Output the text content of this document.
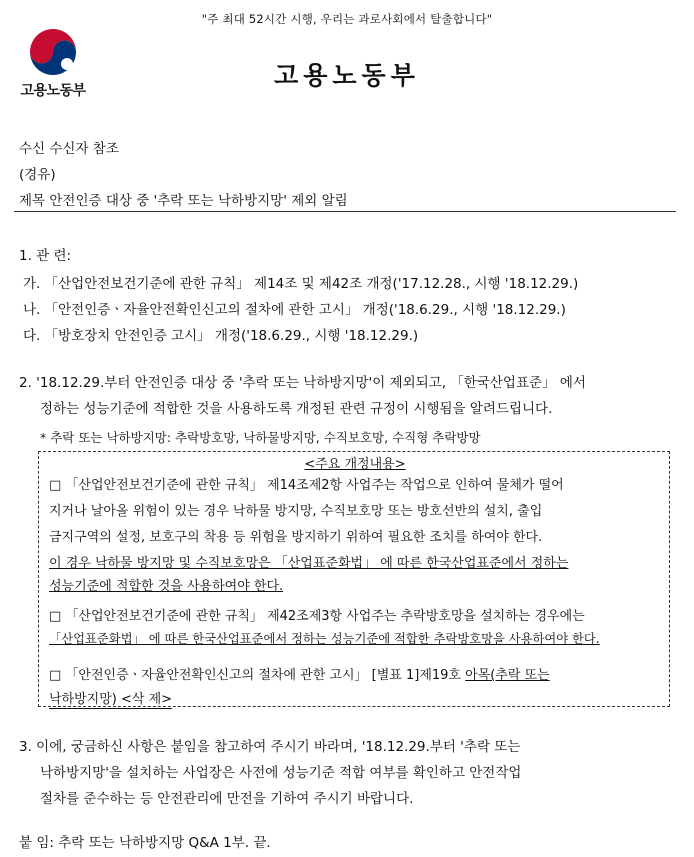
"주 최대 52시간 시행, 우리는 과로사회에서 탈출합니다"
고용노동부
고용노동부
수신 수신자 참조
(경유)
제목 안전인증 대상 중 '추락 또는 낙하방지망' 제외 알림
1. 관 련:
가. 「산업안전보건기준에 관한 규칙」 제14조 및 제42조 개정('17.12.28., 시행 '18.12.29.)
나. 「안전인증ㆍ자율안전확인신고의 절차에 관한 고시」 개정('18.6.29., 시행 '18.12.29.)
다. 「방호장치 안전인증 고시」 개정('18.6.29., 시행 '18.12.29.)
2. '18.12.29.부터 안전인증 대상 중 '추락 또는 낙하방지망'이 제외되고, 「한국산업표준」 에서
정하는 성능기준에 적합한 것을 사용하도록 개정된 관련 규정이 시행됨을 알려드립니다.
* 추락 또는 낙하방지망: 추락방호망, 낙하물방지망, 수직보호망, 수직형 추락방망
<주요 개정내용>
□ 「산업안전보건기준에 관한 규칙」 제14조제2항 사업주는 작업으로 인하여 물체가 떨어
지거나 날아올 위험이 있는 경우 낙하물 방지망, 수직보호망 또는 방호선반의 설치, 출입
금지구역의 설정, 보호구의 착용 등 위험을 방지하기 위하여 필요한 조치를 하여야 한다.
이 경우 낙하물 방지망 및 수직보호망은 「산업표준화법」 에 따른 한국산업표준에서 정하는
성능기준에 적합한 것을 사용하여야 한다.
□ 「산업안전보건기준에 관한 규칙」 제42조제3항 사업주는 추락방호망을 설치하는 경우에는
「산업표준화법」 에 따른 한국산업표준에서 정하는 성능기준에 적합한 추락방호망을 사용하여야 한다.
□ 「안전인증ㆍ자율안전확인신고의 절차에 관한 고시」 [별표 1]제19호 아목(추락 또는
낙하방지망) <삭 제>
3. 이에, 궁금하신 사항은 붙임을 참고하여 주시기 바라며, '18.12.29.부터 '추락 또는
낙하방지망'을 설치하는 사업장은 사전에 성능기준 적합 여부를 확인하고 안전작업
절차를 준수하는 등 안전관리에 만전을 기하여 주시기 바랍니다.
붙 임: 추락 또는 낙하방지망 Q&A 1부. 끝.
